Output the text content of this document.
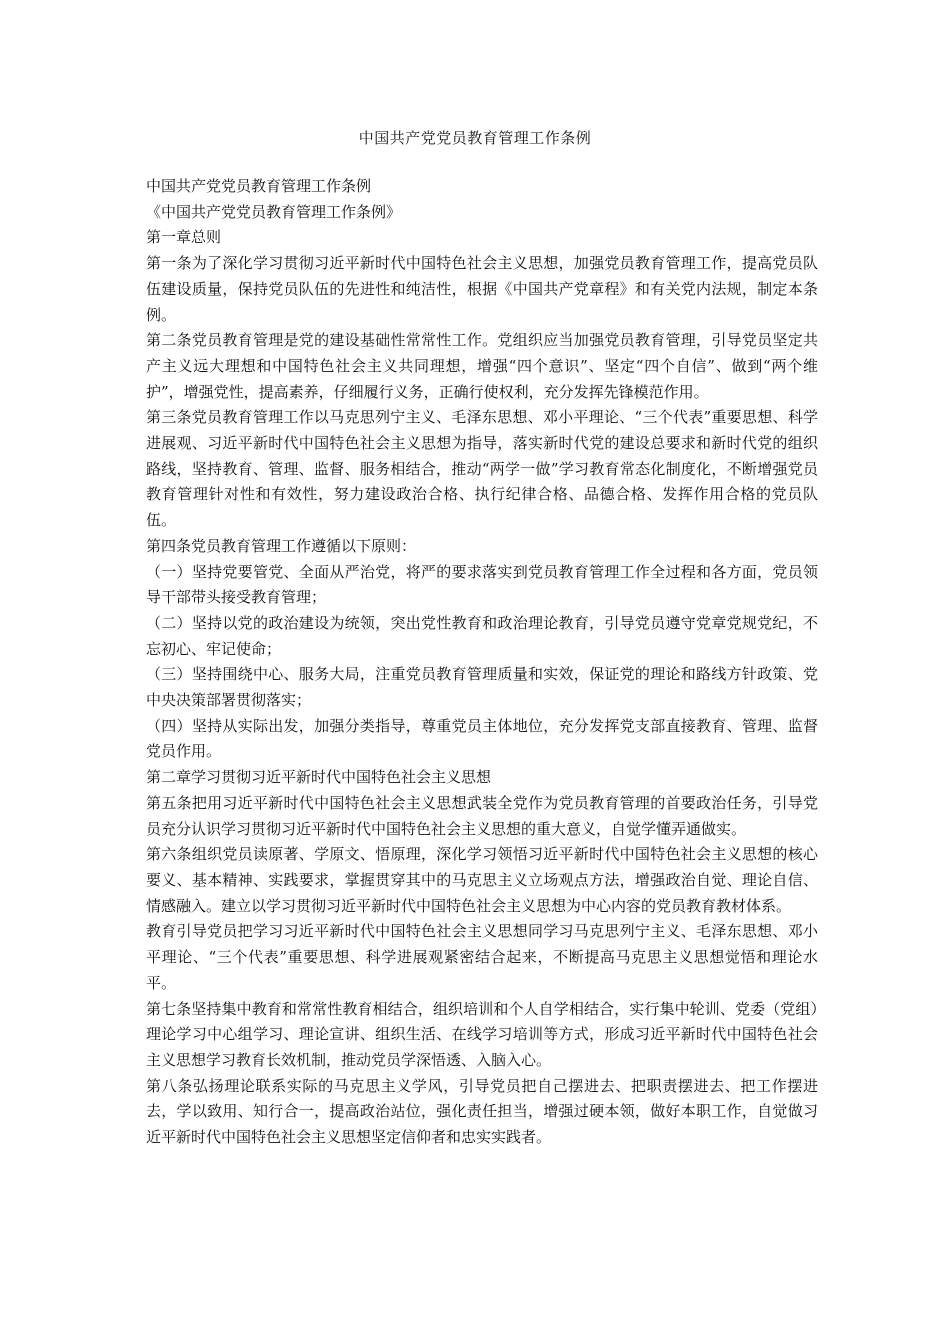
中国共产党党员教育管理工作条例

中国共产党党员教育管理工作条例

《中国共产党党员教育管理工作条例》

第一章总则

第一条为了深化学习贯彻习近平新时代中国特色社会主义思想，加强党员教育管理工作，提高党员队伍建设质量，保持党员队伍的先进性和纯洁性，根据《中国共产党章程》和有关党内法规，制定本条例。

第二条党员教育管理是党的建设基础性常常性工作。党组织应当加强党员教育管理，引导党员坚定共产主义远大理想和中国特色社会主义共同理想，增强“四个意识”、坚定“四个自信”、做到“两个维护”，增强党性，提高素养，仔细履行义务，正确行使权利，充分发挥先锋模范作用。

第三条党员教育管理工作以马克思列宁主义、毛泽东思想、邓小平理论、“三个代表”重要思想、科学进展观、习近平新时代中国特色社会主义思想为指导，落实新时代党的建设总要求和新时代党的组织路线，坚持教育、管理、监督、服务相结合，推动“两学一做”学习教育常态化制度化，不断增强党员教育管理针对性和有效性，努力建设政治合格、执行纪律合格、品德合格、发挥作用合格的党员队伍。

第四条党员教育管理工作遵循以下原则：

（一）坚持党要管党、全面从严治党，将严的要求落实到党员教育管理工作全过程和各方面，党员领导干部带头接受教育管理；

（二）坚持以党的政治建设为统领，突出党性教育和政治理论教育，引导党员遵守党章党规党纪，不忘初心、牢记使命；

（三）坚持围绕中心、服务大局，注重党员教育管理质量和实效，保证党的理论和路线方针政策、党中央决策部署贯彻落实；

（四）坚持从实际出发，加强分类指导，尊重党员主体地位，充分发挥党支部直接教育、管理、监督党员作用。

第二章学习贯彻习近平新时代中国特色社会主义思想

第五条把用习近平新时代中国特色社会主义思想武装全党作为党员教育管理的首要政治任务，引导党员充分认识学习贯彻习近平新时代中国特色社会主义思想的重大意义，自觉学懂弄通做实。

第六条组织党员读原著、学原文、悟原理，深化学习领悟习近平新时代中国特色社会主义思想的核心要义、基本精神、实践要求，掌握贯穿其中的马克思主义立场观点方法，增强政治自觉、理论自信、情感融入。建立以学习贯彻习近平新时代中国特色社会主义思想为中心内容的党员教育教材体系。

教育引导党员把学习习近平新时代中国特色社会主义思想同学习马克思列宁主义、毛泽东思想、邓小平理论、“三个代表”重要思想、科学进展观紧密结合起来，不断提高马克思主义思想觉悟和理论水平。

第七条坚持集中教育和常常性教育相结合，组织培训和个人自学相结合，实行集中轮训、党委（党组）理论学习中心组学习、理论宣讲、组织生活、在线学习培训等方式，形成习近平新时代中国特色社会主义思想学习教育长效机制，推动党员学深悟透、入脑入心。

第八条弘扬理论联系实际的马克思主义学风，引导党员把自己摆进去、把职责摆进去、把工作摆进去，学以致用、知行合一，提高政治站位，强化责任担当，增强过硬本领，做好本职工作，自觉做习近平新时代中国特色社会主义思想坚定信仰者和忠实实践者。
